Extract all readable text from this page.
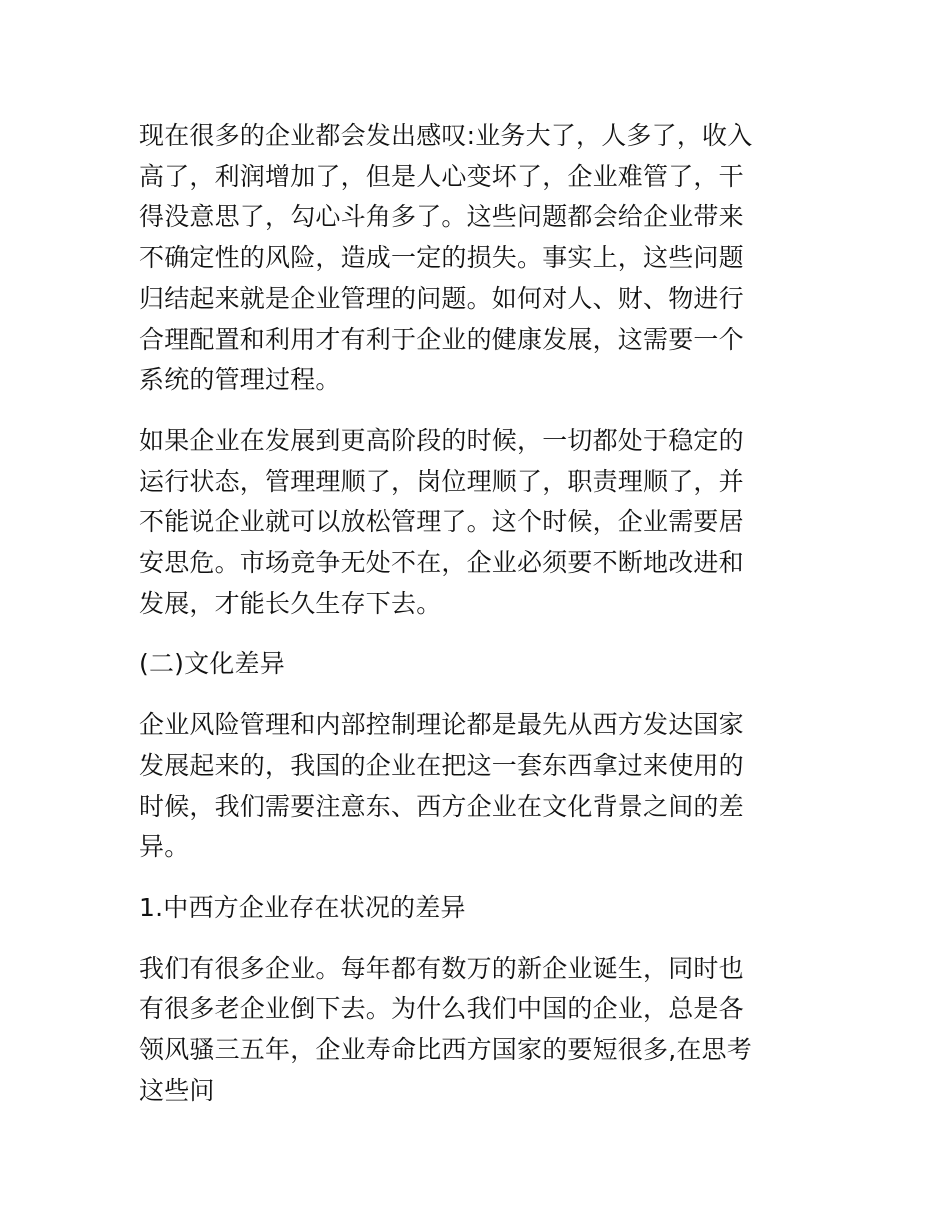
现在很多的企业都会发出感叹:业务大了，人多了，收入
高了，利润增加了，但是人心变坏了，企业难管了，干
得没意思了，勾心斗角多了。这些问题都会给企业带来
不确定性的风险，造成一定的损失。事实上，这些问题
归结起来就是企业管理的问题。如何对人、财、物进行
合理配置和利用才有利于企业的健康发展，这需要一个
系统的管理过程。
如果企业在发展到更高阶段的时候，一切都处于稳定的
运行状态，管理理顺了，岗位理顺了，职责理顺了，并
不能说企业就可以放松管理了。这个时候，企业需要居
安思危。市场竞争无处不在，企业必须要不断地改进和
发展，才能长久生存下去。
(二)文化差异
企业风险管理和内部控制理论都是最先从西方发达国家
发展起来的，我国的企业在把这一套东西拿过来使用的
时候，我们需要注意东、西方企业在文化背景之间的差
异。
1.中西方企业存在状况的差异
我们有很多企业。每年都有数万的新企业诞生，同时也
有很多老企业倒下去。为什么我们中国的企业，总是各
领风骚三五年，企业寿命比西方国家的要短很多,在思考
这些问
